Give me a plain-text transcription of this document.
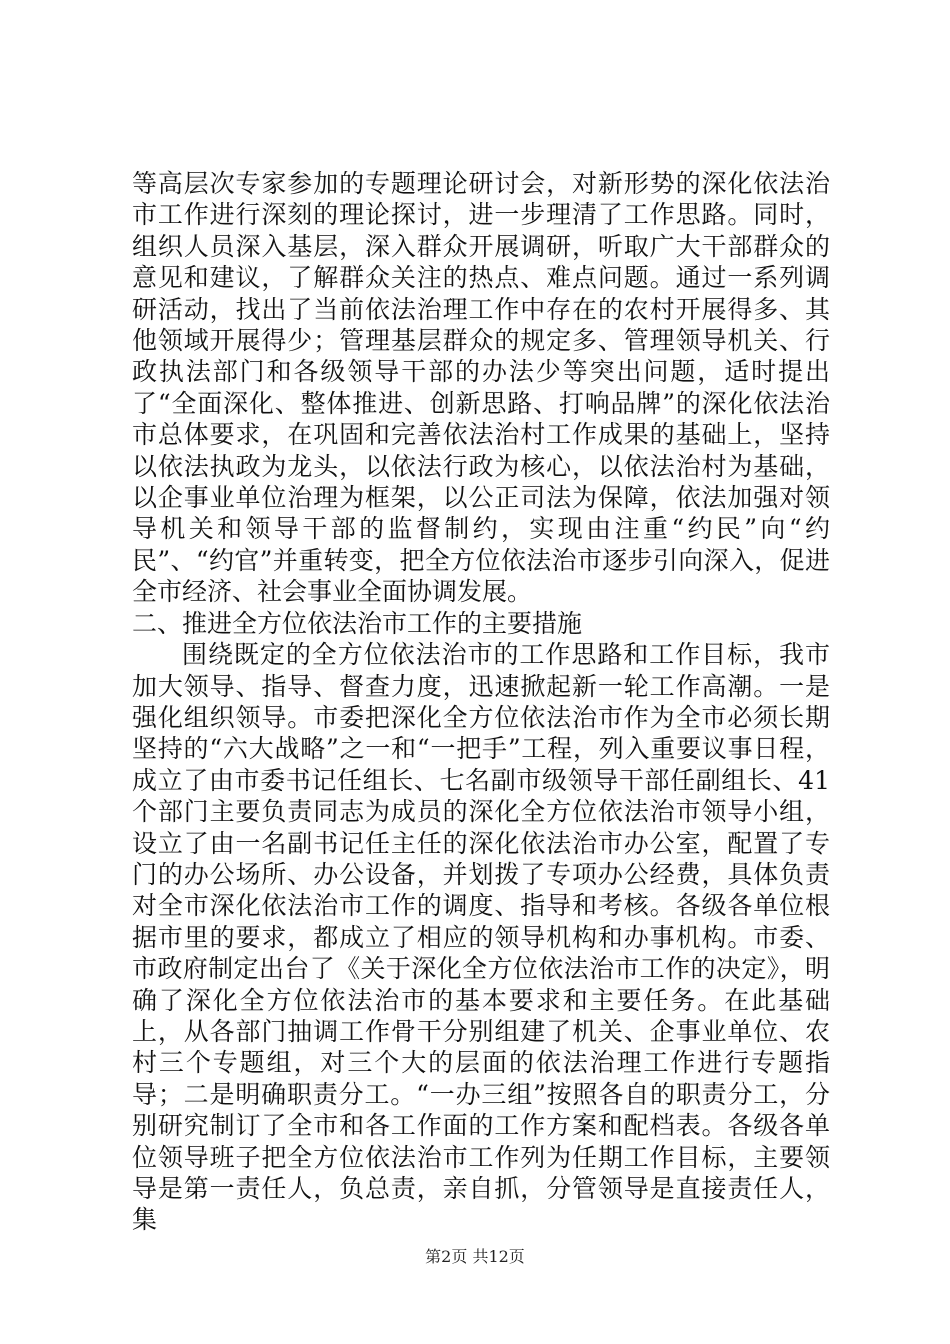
等高层次专家参加的专题理论研讨会，对新形势的深化依法治市工作进行深刻的理论探讨，进一步理清了工作思路。同时，组织人员深入基层，深入群众开展调研，听取广大干部群众的意见和建议，了解群众关注的热点、难点问题。通过一系列调研活动，找出了当前依法治理工作中存在的农村开展得多、其他领域开展得少；管理基层群众的规定多、管理领导机关、行政执法部门和各级领导干部的办法少等突出问题，适时提出了“全面深化、整体推进、创新思路、打响品牌”的深化依法治市总体要求，在巩固和完善依法治村工作成果的基础上，坚持以依法执政为龙头，以依法行政为核心，以依法治村为基础，以企事业单位治理为框架，以公正司法为保障，依法加强对领导机关和领导干部的监督制约，实现由注重“约民”向“约民”、“约官”并重转变，把全方位依法治市逐步引向深入，促进全市经济、社会事业全面协调发展。

二、推进全方位依法治市工作的主要措施

围绕既定的全方位依法治市的工作思路和工作目标，我市加大领导、指导、督查力度，迅速掀起新一轮工作高潮。一是强化组织领导。市委把深化全方位依法治市作为全市必须长期坚持的“六大战略”之一和“一把手”工程，列入重要议事日程，成立了由市委书记任组长、七名副市级领导干部任副组长、41个部门主要负责同志为成员的深化全方位依法治市领导小组，设立了由一名副书记任主任的深化依法治市办公室，配置了专门的办公场所、办公设备，并划拨了专项办公经费，具体负责对全市深化依法治市工作的调度、指导和考核。各级各单位根据市里的要求，都成立了相应的领导机构和办事机构。市委、市政府制定出台了《关于深化全方位依法治市工作的决定》，明确了深化全方位依法治市的基本要求和主要任务。在此基础上，从各部门抽调工作骨干分别组建了机关、企事业单位、农村三个专题组，对三个大的层面的依法治理工作进行专题指导；二是明确职责分工。“一办三组”按照各自的职责分工，分别研究制订了全市和各工作面的工作方案和配档表。各级各单位领导班子把全方位依法治市工作列为任期工作目标，主要领导是第一责任人，负总责，亲自抓，分管领导是直接责任人，集

第2页 共12页
